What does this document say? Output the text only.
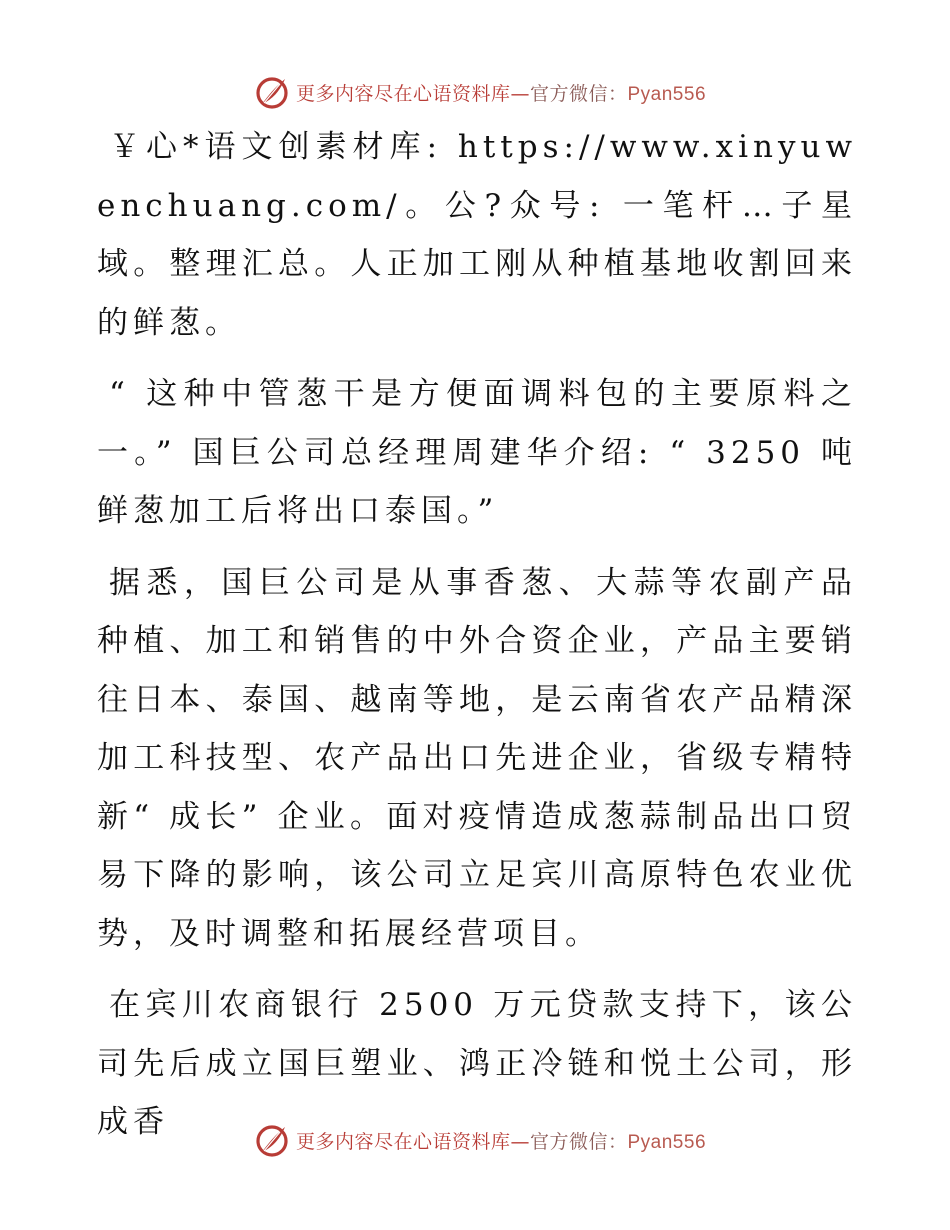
更多内容尽在心语资料库—官方微信：Pyan556

￥心*语文创素材库: https://www.xinyuwenchuang.com/。公?众号: 一笔杆…子星域。整理汇总。人正加工刚从种植基地收割回来的鲜葱。

“ 这种中管葱干是方便面调料包的主要原料之一。” 国巨公司总经理周建华介绍: “ 3250 吨鲜葱加工后将出口泰国。”

据悉，国巨公司是从事香葱、大蒜等农副产品种植、加工和销售的中外合资企业，产品主要销往日本、泰国、越南等地，是云南省农产品精深加工科技型、农产品出口先进企业，省级专精特新“ 成长” 企业。面对疫情造成葱蒜制品出口贸易下降的影响，该公司立足宾川高原特色农业优势，及时调整和拓展经营项目。

在宾川农商银行 2500 万元贷款支持下，该公司先后成立国巨塑业、鸿正冷链和悦土公司，形成香

更多内容尽在心语资料库—官方微信：Pyan556
